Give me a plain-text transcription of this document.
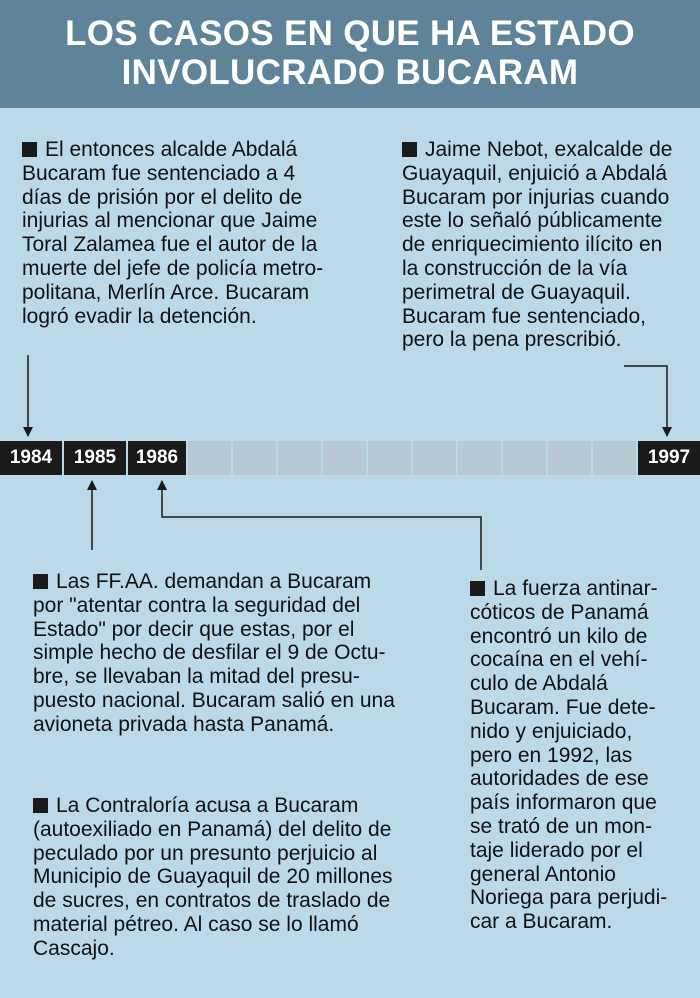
LOS CASOS EN QUE HA ESTADO
INVOLUCRADO BUCARAM

El entonces alcalde Abdalá
Bucaram fue sentenciado a 4
días de prisión por el delito de
injurias al mencionar que Jaime
Toral Zalamea fue el autor de la
muerte del jefe de policía metro-
politana, Merlín Arce. Bucaram
logró evadir la detención.

Jaime Nebot, exalcalde de
Guayaquil, enjuició a Abdalá
Bucaram por injurias cuando
este lo señaló públicamente
de enriquecimiento ilícito en
la construcción de la vía
perimetral de Guayaquil.
Bucaram fue sentenciado,
pero la pena prescribió.

1984	1985	1986	1997

Las FF.AA. demandan a Bucaram
por "atentar contra la seguridad del
Estado" por decir que estas, por el
simple hecho de desfilar el 9 de Octu-
bre, se llevaban la mitad del presu-
puesto nacional. Bucaram salió en una
avioneta privada hasta Panamá.

La Contraloría acusa a Bucaram
(autoexiliado en Panamá) del delito de
peculado por un presunto perjuicio al
Municipio de Guayaquil de 20 millones
de sucres, en contratos de traslado de
material pétreo. Al caso se lo llamó
Cascajo.

La fuerza antinar-
cóticos de Panamá
encontró un kilo de
cocaína en el vehí-
culo de Abdalá
Bucaram. Fue dete-
nido y enjuiciado,
pero en 1992, las
autoridades de ese
país informaron que
se trató de un mon-
taje liderado por el
general Antonio
Noriega para perjudi-
car a Bucaram.
